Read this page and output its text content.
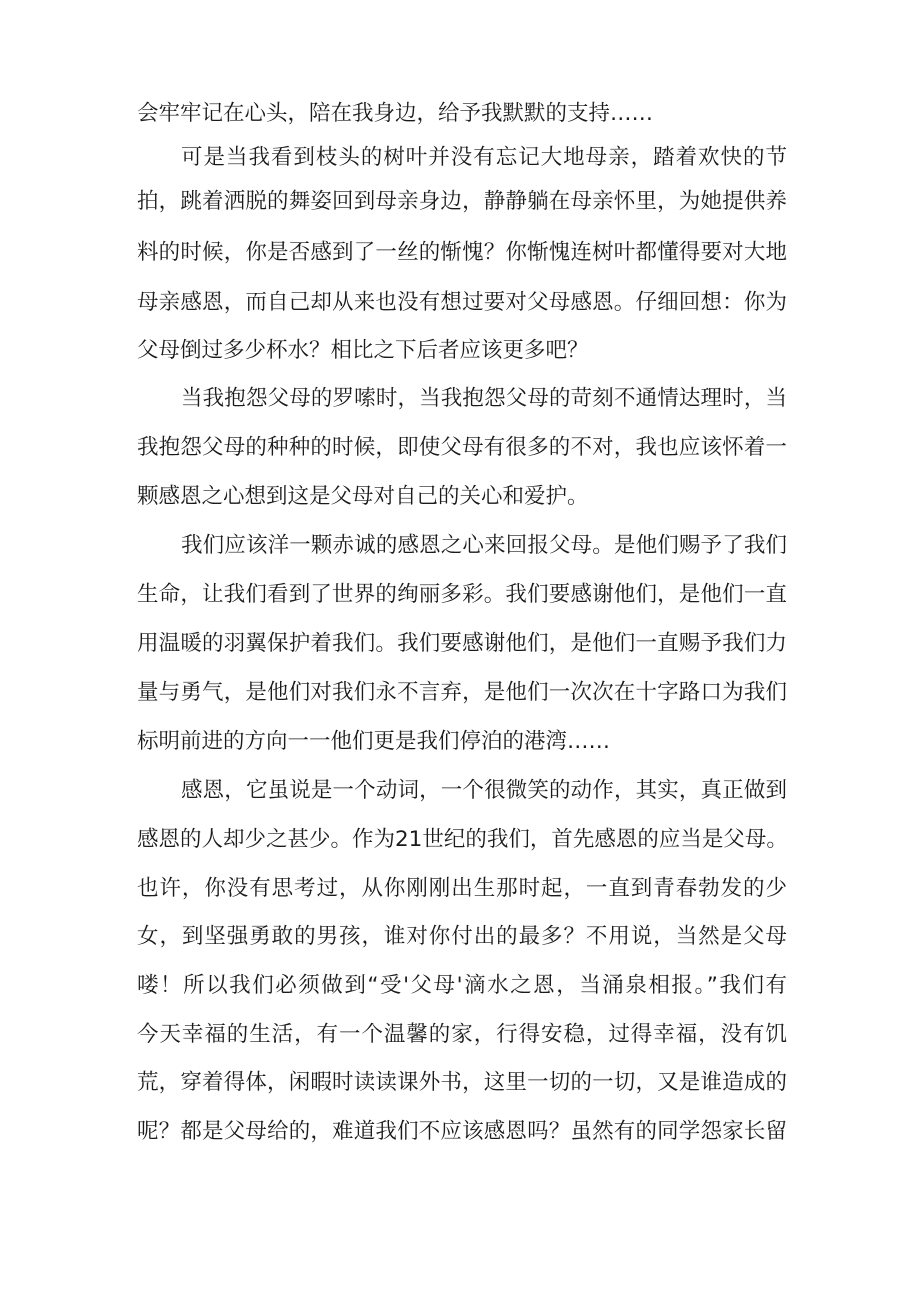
会牢牢记在心头，陪在我身边，给予我默默的支持……
可是当我看到枝头的树叶并没有忘记大地母亲，踏着欢快的节
拍，跳着洒脱的舞姿回到母亲身边，静静躺在母亲怀里，为她提供养
料的时候，你是否感到了一丝的惭愧？你惭愧连树叶都懂得要对大地
母亲感恩，而自己却从来也没有想过要对父母感恩。仔细回想：你为
父母倒过多少杯水？相比之下后者应该更多吧？
当我抱怨父母的罗嗦时，当我抱怨父母的苛刻不通情达理时，当
我抱怨父母的种种的时候，即使父母有很多的不对，我也应该怀着一
颗感恩之心想到这是父母对自己的关心和爱护。
我们应该洋一颗赤诚的感恩之心来回报父母。是他们赐予了我们
生命，让我们看到了世界的绚丽多彩。我们要感谢他们，是他们一直
用温暖的羽翼保护着我们。我们要感谢他们，是他们一直赐予我们力
量与勇气，是他们对我们永不言弃，是他们一次次在十字路口为我们
标明前进的方向一一他们更是我们停泊的港湾……
感恩，它虽说是一个动词，一个很微笑的动作，其实，真正做到
感恩的人却少之甚少。作为21世纪的我们，首先感恩的应当是父母。
也许，你没有思考过，从你刚刚出生那时起，一直到青春勃发的少
女，到坚强勇敢的男孩，谁对你付出的最多？不用说，当然是父母
喽！所以我们必须做到“受'父母'滴水之恩，当涌泉相报。”我们有
今天幸福的生活，有一个温馨的家，行得安稳，过得幸福，没有饥
荒，穿着得体，闲暇时读读课外书，这里一切的一切，又是谁造成的
呢？都是父母给的，难道我们不应该感恩吗？虽然有的同学怨家长留
